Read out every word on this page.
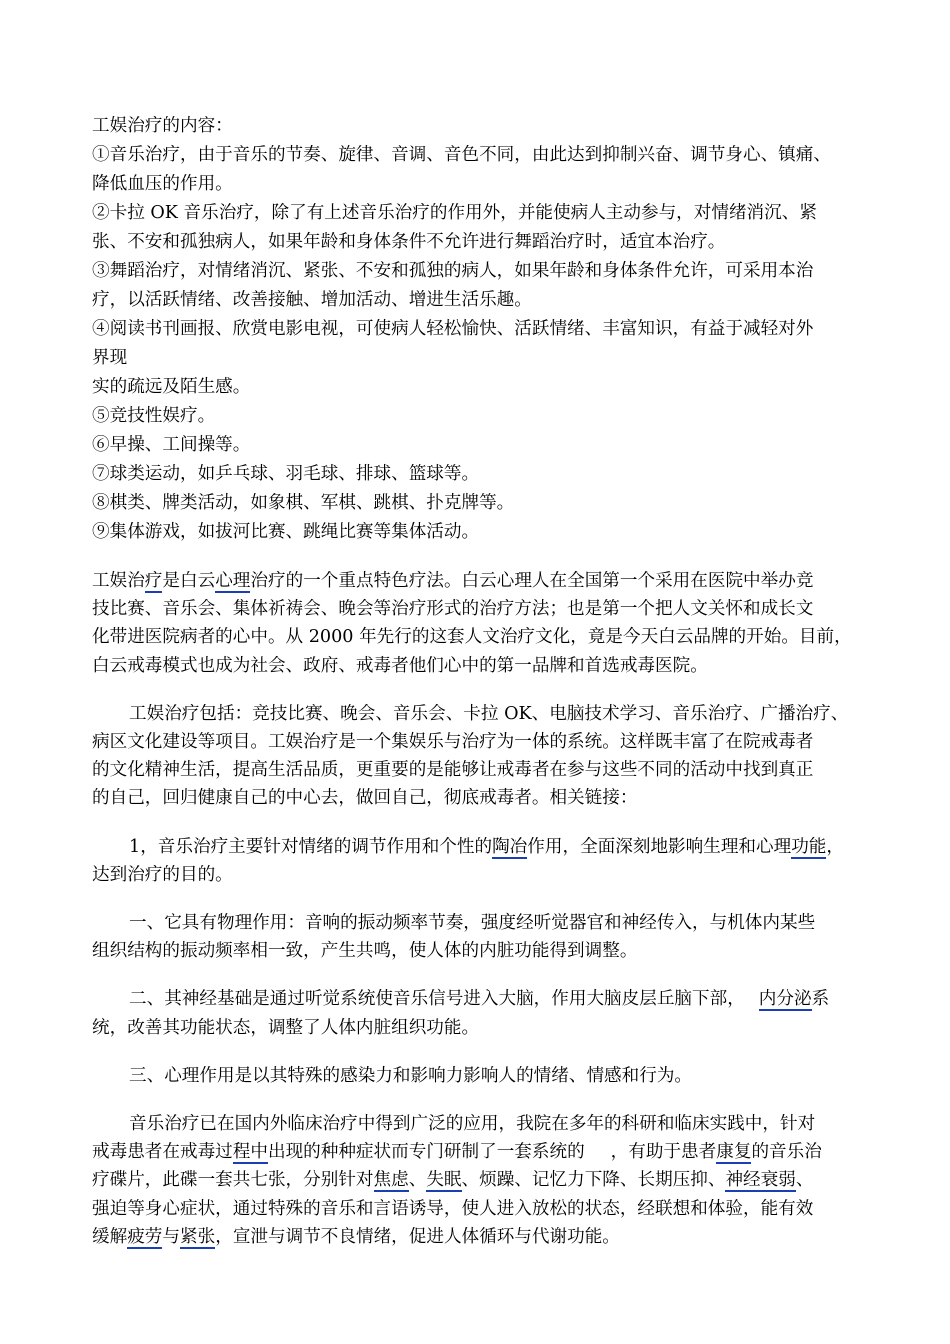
工娱治疗的内容：
①音乐治疗，由于音乐的节奏、旋律、音调、音色不同，由此达到抑制兴奋、调节身心、镇痛、
降低血压的作用。
②卡拉 OK 音乐治疗，除了有上述音乐治疗的作用外，并能使病人主动参与，对情绪消沉、紧
张、不安和孤独病人，如果年龄和身体条件不允许进行舞蹈治疗时，适宜本治疗。
③舞蹈治疗，对情绪消沉、紧张、不安和孤独的病人，如果年龄和身体条件允许，可采用本治
疗，以活跃情绪、改善接触、增加活动、增进生活乐趣。
④阅读书刊画报、欣赏电影电视，可使病人轻松愉快、活跃情绪、丰富知识，有益于减轻对外
界现
实的疏远及陌生感。
⑤竞技性娱疗。
⑥早操、工间操等。
⑦球类运动，如乒乓球、羽毛球、排球、篮球等。
⑧棋类、牌类活动，如象棋、军棋、跳棋、扑克牌等。
⑨集体游戏，如拔河比赛、跳绳比赛等集体活动。
工娱治疗是白云心理治疗的一个重点特色疗法。白云心理人在全国第一个采用在医院中举办竞
技比赛、音乐会、集体祈祷会、晚会等治疗形式的治疗方法；也是第一个把人文关怀和成长文
化带进医院病者的心中。从 2000 年先行的这套人文治疗文化，竟是今天白云品牌的开始。目前，
白云戒毒模式也成为社会、政府、戒毒者他们心中的第一品牌和首选戒毒医院。
工娱治疗包括：竞技比赛、晚会、音乐会、卡拉 OK、电脑技术学习、音乐治疗、广播治疗、
病区文化建设等项目。工娱治疗是一个集娱乐与治疗为一体的系统。这样既丰富了在院戒毒者
的文化精神生活，提高生活品质，更重要的是能够让戒毒者在参与这些不同的活动中找到真正
的自己，回归健康自己的中心去，做回自己，彻底戒毒者。相关链接：
1，音乐治疗主要针对情绪的调节作用和个性的陶冶作用，全面深刻地影响生理和心理功能，
达到治疗的目的。
一、它具有物理作用：音响的振动频率节奏，强度经听觉器官和神经传入，与机体内某些
组织结构的振动频率相一致，产生共鸣，使人体的内脏功能得到调整。
二、其神经基础是通过听觉系统使音乐信号进入大脑，作用大脑皮层丘脑下部， 内分泌系
统，改善其功能状态，调整了人体内脏组织功能。
三、心理作用是以其特殊的感染力和影响力影响人的情绪、情感和行为。
音乐治疗已在国内外临床治疗中得到广泛的应用，我院在多年的科研和临床实践中，针对
戒毒患者在戒毒过程中出现的种种症状而专门研制了一套系统的 ，有助于患者康复的音乐治
疗碟片，此碟一套共七张，分别针对焦虑、失眠、烦躁、记忆力下降、长期压抑、神经衰弱、
强迫等身心症状，通过特殊的音乐和言语诱导，使人进入放松的状态，经联想和体验，能有效
缓解疲劳与紧张，宣泄与调节不良情绪，促进人体循环与代谢功能。
